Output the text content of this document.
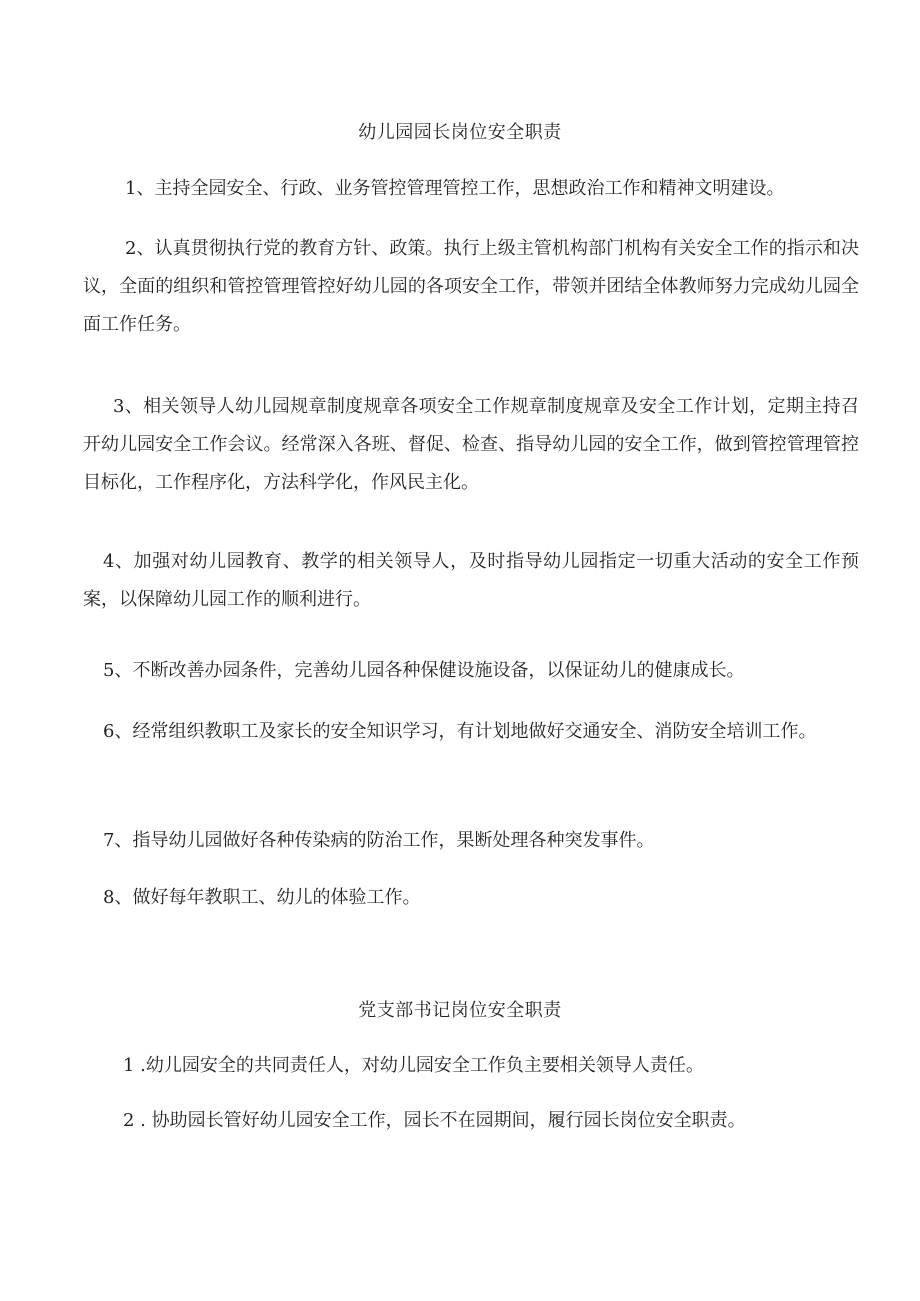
幼儿园园长岗位安全职责
1、主持全园安全、行政、业务管控管理管控工作，思想政治工作和精神文明建设。
2、认真贯彻执行党的教育方针、政策。执行上级主管机构部门机构有关安全工作的指示和决议，全面的组织和管控管理管控好幼儿园的各项安全工作，带领并团结全体教师努力完成幼儿园全面工作任务。
3、相关领导人幼儿园规章制度规章各项安全工作规章制度规章及安全工作计划，定期主持召开幼儿园安全工作会议。经常深入各班、督促、检查、指导幼儿园的安全工作，做到管控管理管控目标化，工作程序化，方法科学化，作风民主化。
4、加强对幼儿园教育、教学的相关领导人，及时指导幼儿园指定一切重大活动的安全工作预案，以保障幼儿园工作的顺利进行。
5、不断改善办园条件，完善幼儿园各种保健设施设备，以保证幼儿的健康成长。
6、经常组织教职工及家长的安全知识学习，有计划地做好交通安全、消防安全培训工作。
7、指导幼儿园做好各种传染病的防治工作，果断处理各种突发事件。
8、做好每年教职工、幼儿的体验工作。
党支部书记岗位安全职责
1 .幼儿园安全的共同责任人，对幼儿园安全工作负主要相关领导人责任。
2 . 协助园长管好幼儿园安全工作，园长不在园期间，履行园长岗位安全职责。
